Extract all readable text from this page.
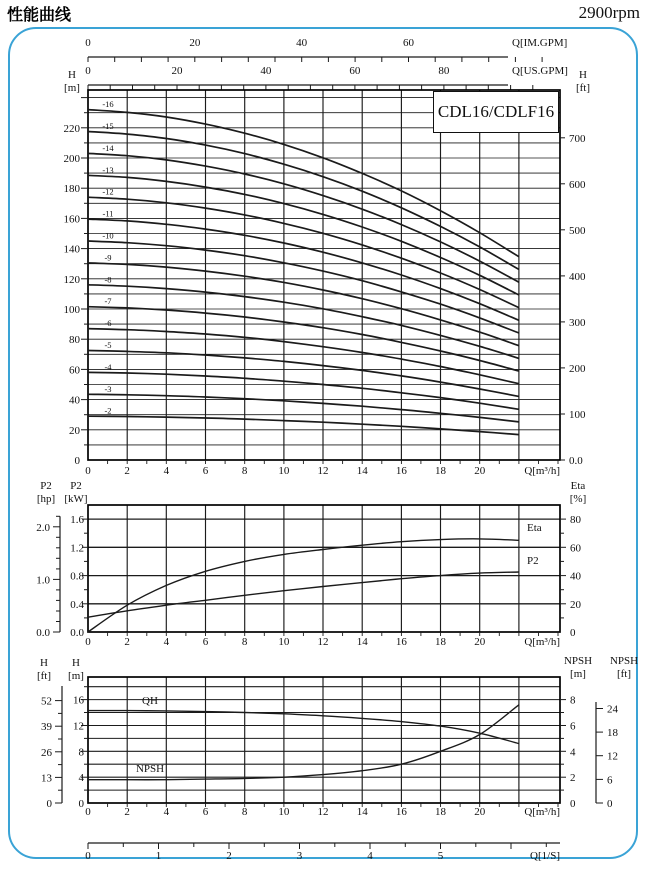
性能曲线	2900rpm
0	20	40	60	Q[IM.GPM]
0	20	40	60	80	Q[US.GPM]
0
20
40
60
80
100
120
140
160
180
200
220
0.0
100
200
300
400
500
600
700
H
[m]
H
[ft]
0	2	4	6	8	10	12	14	16	18	20	Q[m³/h]
-16
-15
-14
-13
-12
-11
-10
-9
-8
-7
-6
-5
-4
-3
-2
0.0
0.4
0.8
1.2
1.6
0.0
1.0
2.0
0
20
40
60
80
P2
[hp]
P2
[kW]
Eta
[%]
0	2	4	6	8	10	12	14	16	18	20	Q[m³/h]
Eta
P2
0
4
8
12
16
0
13
26
39
52
0
2
4
6
8
0
6
12
18
24
H
[ft]
H
[m]
NPSH
[m]
NPSH
[ft]
0	2	4	6	8	10	12	14	16	18	20	Q[m³/h]
QH
NPSH
0	1	2	3	4	5	Q[1/S]
CDL16/CDLF16
